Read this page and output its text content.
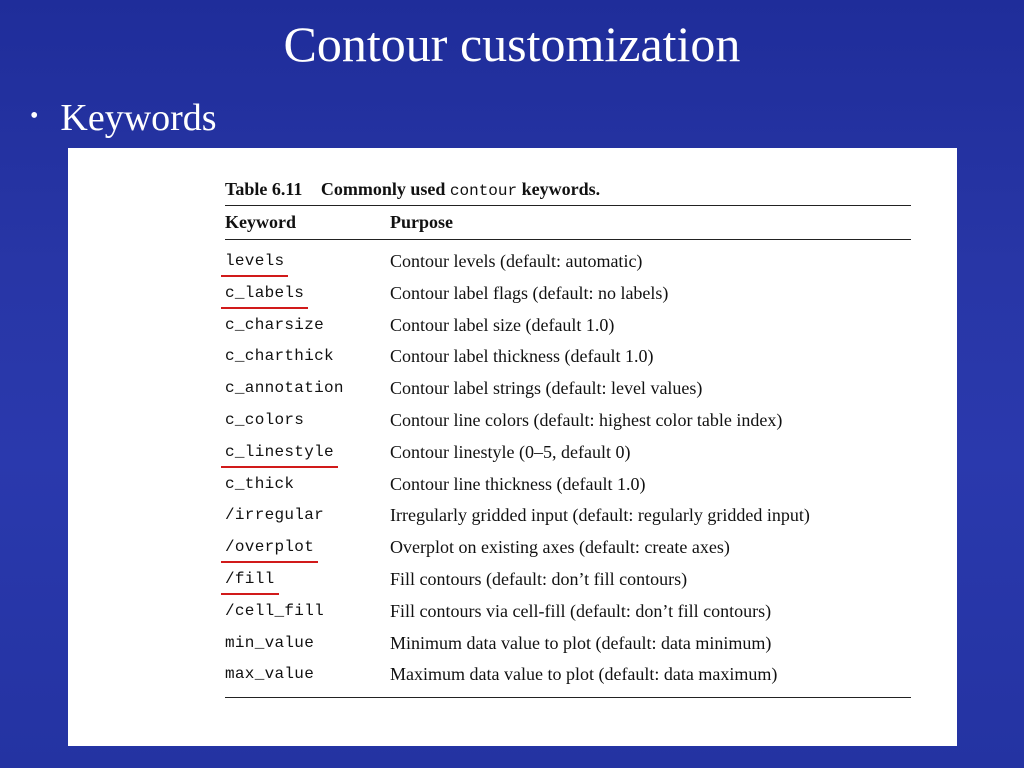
Contour customization
• Keywords
Table 6.11 Commonly used contour keywords.
Keyword	Purpose
levels	Contour levels (default: automatic)
c_labels	Contour label flags (default: no labels)
c_charsize	Contour label size (default 1.0)
c_charthick	Contour label thickness (default 1.0)
c_annotation	Contour label strings (default: level values)
c_colors	Contour line colors (default: highest color table index)
c_linestyle	Contour linestyle (0–5, default 0)
c_thick	Contour line thickness (default 1.0)
/irregular	Irregularly gridded input (default: regularly gridded input)
/overplot	Overplot on existing axes (default: create axes)
/fill	Fill contours (default: don’t fill contours)
/cell_fill	Fill contours via cell-fill (default: don’t fill contours)
min_value	Minimum data value to plot (default: data minimum)
max_value	Maximum data value to plot (default: data maximum)
